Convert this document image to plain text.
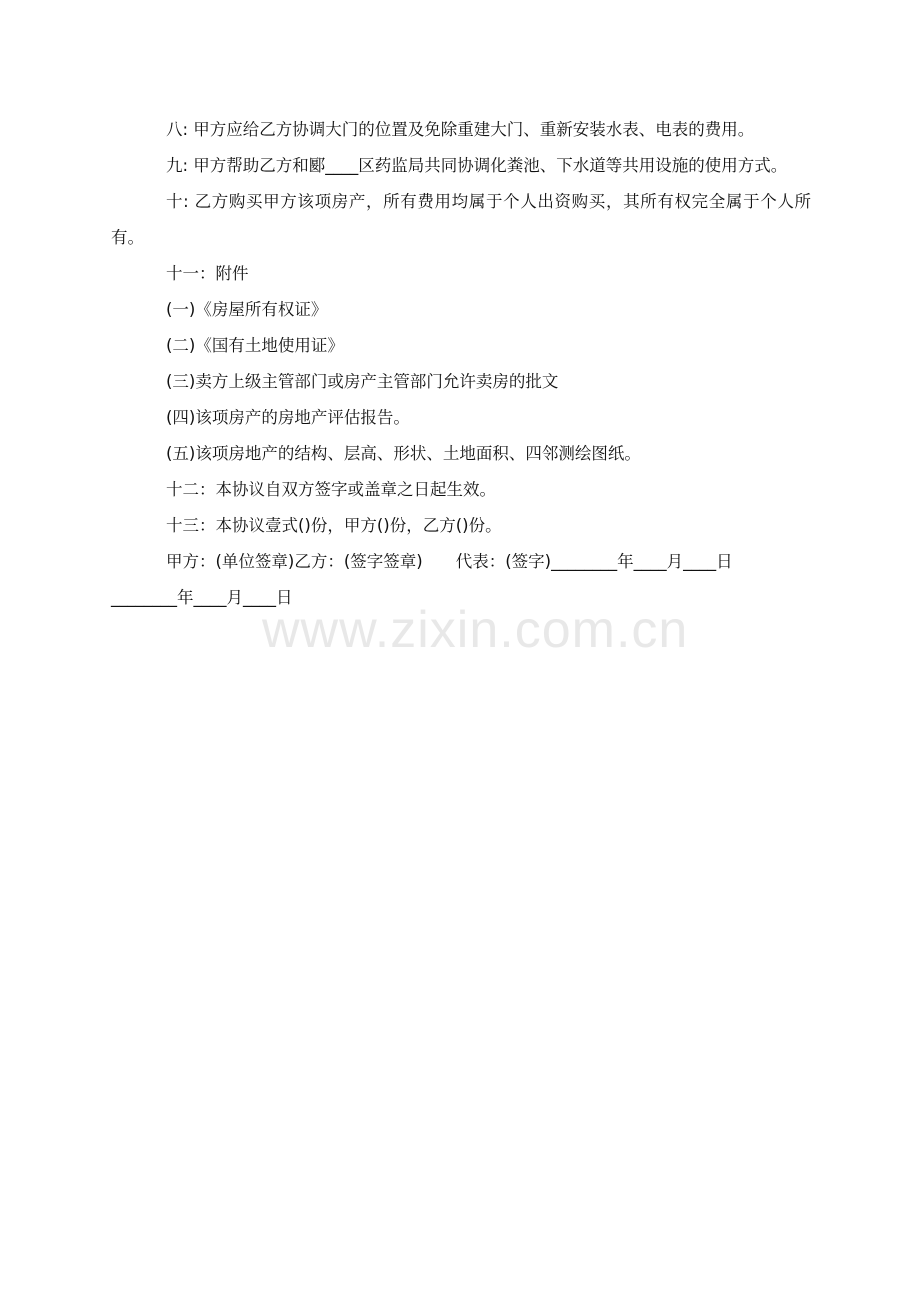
八: 甲方应给乙方协调大门的位置及免除重建大门、重新安装水表、电表的费用。

九: 甲方帮助乙方和郾____区药监局共同协调化粪池、下水道等共用设施的使用方式。

十: 乙方购买甲方该项房产，所有费用均属于个人出资购买，其所有权完全属于个人所有。

十一：附件

(一)《房屋所有权证》

(二)《国有土地使用证》

(三)卖方上级主管部门或房产主管部门允许卖房的批文

(四)该项房产的房地产评估报告。

(五)该项房地产的结构、层高、形状、土地面积、四邻测绘图纸。

十二：本协议自双方签字或盖章之日起生效。

十三：本协议壹式()份，甲方()份，乙方()份。

甲方：(单位签章)乙方：(签字签章)　　代表：(签字)________年____月____日

________年____月____日

www.zixin.com.cn
